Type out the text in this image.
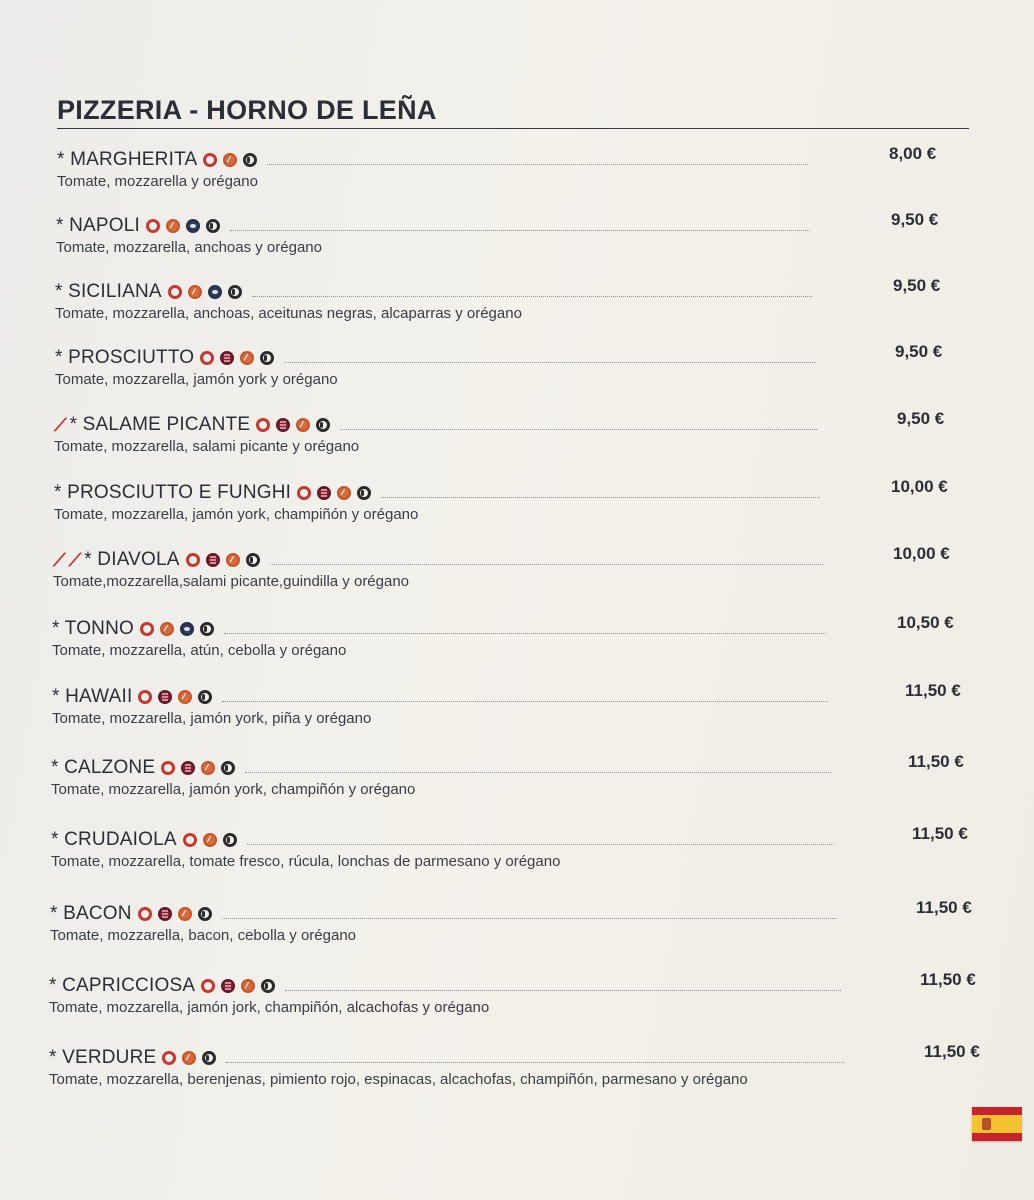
PIZZERIA - HORNO DE LEÑA
* MARGHERITA	8,00 €
Tomate, mozzarella y orégano
* NAPOLI	9,50 €
Tomate, mozzarella, anchoas y orégano
* SICILIANA	9,50 €
Tomate, mozzarella, anchoas, aceitunas negras, alcaparras y orégano
* PROSCIUTTO	9,50 €
Tomate, mozzarella, jamón york y orégano
⟋ * SALAME PICANTE	9,50 €
Tomate, mozzarella, salami picante y orégano
* PROSCIUTTO E FUNGHI	10,00 €
Tomate, mozzarella, jamón york, champiñón y orégano
⟋ ⟋ * DIAVOLA	10,00 €
Tomate,mozzarella,salami picante,guindilla y orégano
* TONNO	10,50 €
Tomate, mozzarella, atún, cebolla y orégano
* HAWAII	11,50 €
Tomate, mozzarella, jamón york, piña y orégano
* CALZONE	11,50 €
Tomate, mozzarella, jamón york, champiñón y orégano
* CRUDAIOLA	11,50 €
Tomate, mozzarella, tomate fresco, rúcula, lonchas de parmesano y orégano
* BACON	11,50 €
Tomate, mozzarella, bacon, cebolla y orégano
* CAPRICCIOSA	11,50 €
Tomate, mozzarella, jamón jork, champiñón, alcachofas y orégano
* VERDURE	11,50 €
Tomate, mozzarella, berenjenas, pimiento rojo, espinacas, alcachofas, champiñón, parmesano y orégano
